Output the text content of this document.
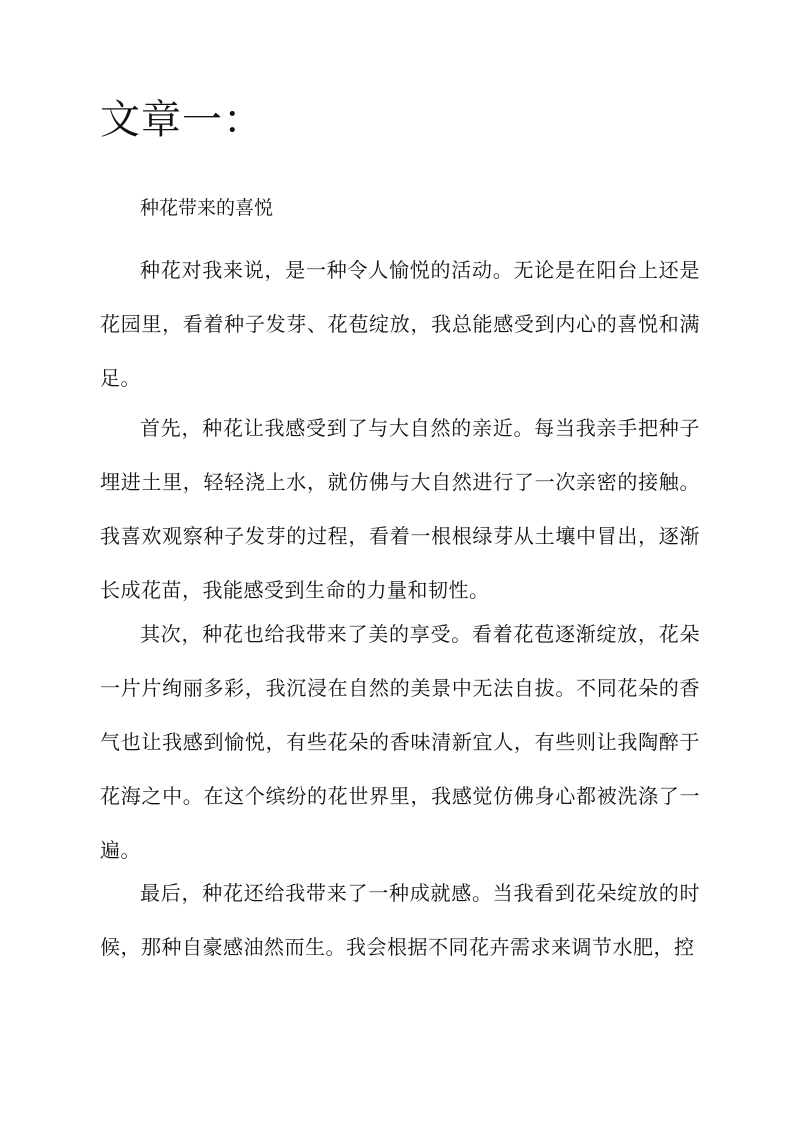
文章一：

种花带来的喜悦

种花对我来说，是一种令人愉悦的活动。无论是在阳台上还是花园里，看着种子发芽、花苞绽放，我总能感受到内心的喜悦和满足。

首先，种花让我感受到了与大自然的亲近。每当我亲手把种子埋进土里，轻轻浇上水，就仿佛与大自然进行了一次亲密的接触。我喜欢观察种子发芽的过程，看着一根根绿芽从土壤中冒出，逐渐长成花苗，我能感受到生命的力量和韧性。

其次，种花也给我带来了美的享受。看着花苞逐渐绽放，花朵一片片绚丽多彩，我沉浸在自然的美景中无法自拔。不同花朵的香气也让我感到愉悦，有些花朵的香味清新宜人，有些则让我陶醉于花海之中。在这个缤纷的花世界里，我感觉仿佛身心都被洗涤了一遍。

最后，种花还给我带来了一种成就感。当我看到花朵绽放的时候，那种自豪感油然而生。我会根据不同花卉需求来调节水肥，控
